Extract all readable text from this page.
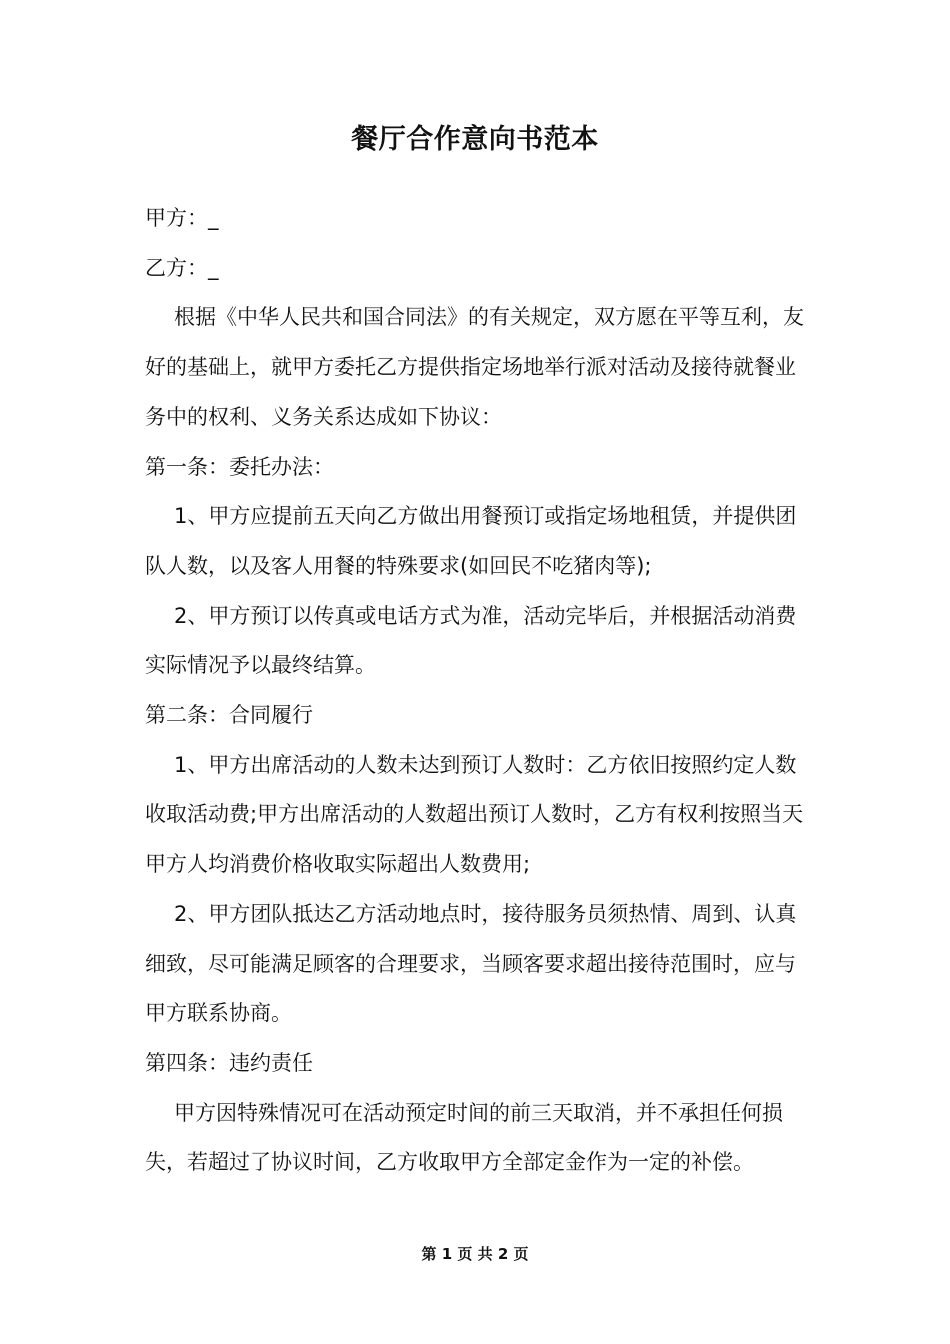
餐厅合作意向书范本

甲方：_

乙方：_

根据《中华人民共和国合同法》的有关规定，双方愿在平等互利，友好的基础上，就甲方委托乙方提供指定场地举行派对活动及接待就餐业务中的权利、义务关系达成如下协议：

第一条：委托办法：

1、甲方应提前五天向乙方做出用餐预订或指定场地租赁，并提供团队人数，以及客人用餐的特殊要求(如回民不吃猪肉等);

2、甲方预订以传真或电话方式为准，活动完毕后，并根据活动消费实际情况予以最终结算。

第二条：合同履行

1、甲方出席活动的人数未达到预订人数时：乙方依旧按照约定人数收取活动费;甲方出席活动的人数超出预订人数时，乙方有权利按照当天甲方人均消费价格收取实际超出人数费用;

2、甲方团队抵达乙方活动地点时，接待服务员须热情、周到、认真细致，尽可能满足顾客的合理要求，当顾客要求超出接待范围时，应与甲方联系协商。

第四条：违约责任

甲方因特殊情况可在活动预定时间的前三天取消，并不承担任何损失，若超过了协议时间，乙方收取甲方全部定金作为一定的补偿。

第 1 页 共 2 页
